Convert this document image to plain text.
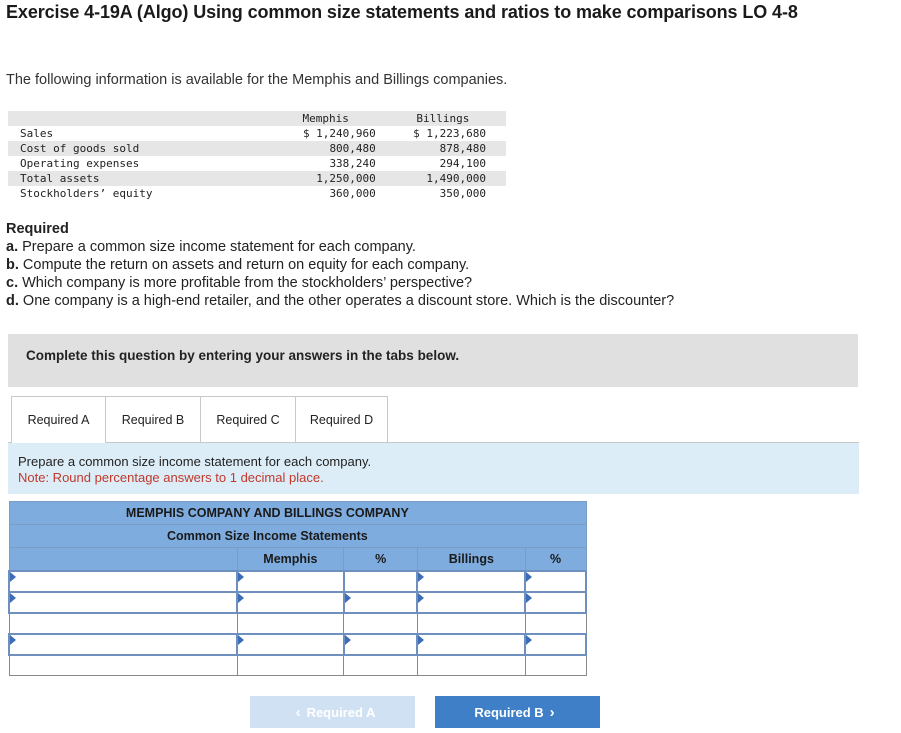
Exercise 4-19A (Algo) Using common size statements and ratios to make comparisons LO 4-8
The following information is available for the Memphis and Billings companies.
	Memphis	Billings
Sales	$ 1,240,960	$ 1,223,680
Cost of goods sold	800,480	878,480
Operating expenses	338,240	294,100
Total assets	1,250,000	1,490,000
Stockholders’ equity	360,000	350,000
Required
a. Prepare a common size income statement for each company.
b. Compute the return on assets and return on equity for each company.
c. Which company is more profitable from the stockholders’ perspective?
d. One company is a high-end retailer, and the other operates a discount store. Which is the discounter?
Complete this question by entering your answers in the tabs below.
Required A	Required B	Required C	Required D
Prepare a common size income statement for each company.
Note: Round percentage answers to 1 decimal place.
MEMPHIS COMPANY AND BILLINGS COMPANY				
Common Size Income Statements				
	Memphis	%	Billings	%

‹ Required A	Required B ›
